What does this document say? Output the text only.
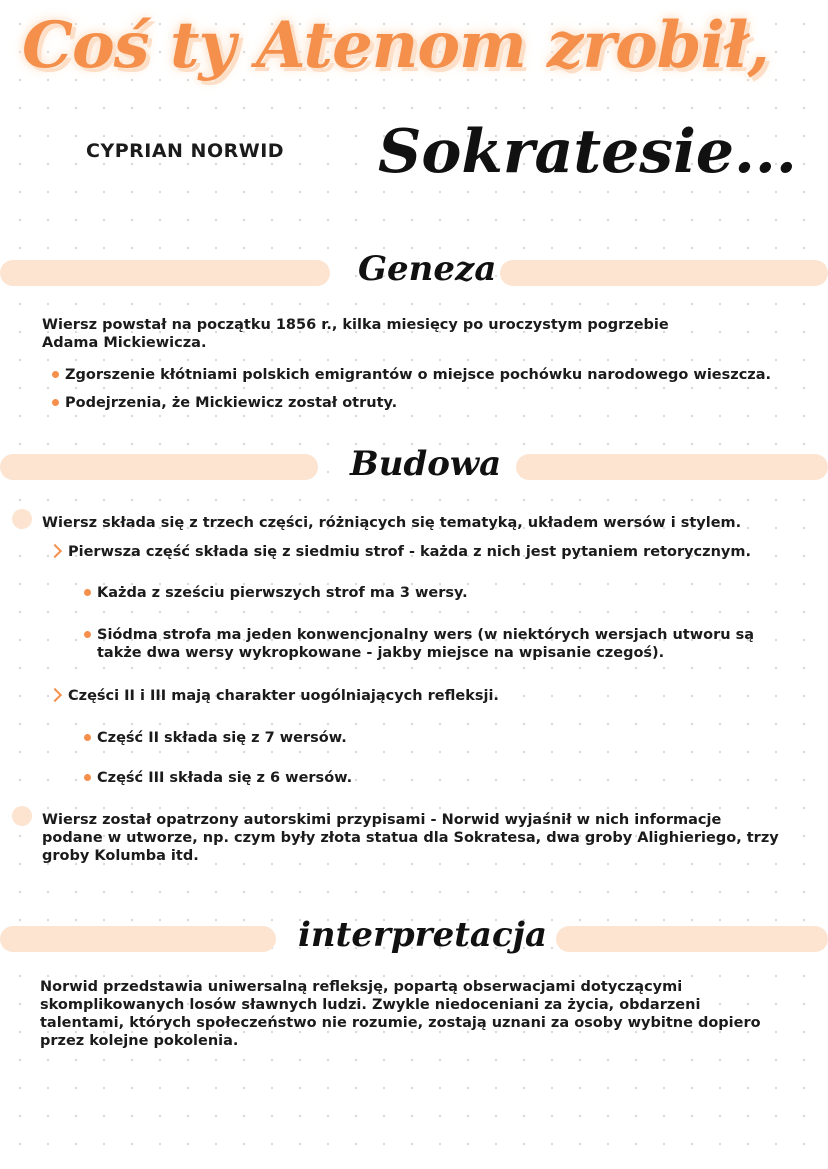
Coś ty Atenom zrobił,
CYPRIAN NORWID Sokratesie...
Geneza
Wiersz powstał na początku 1856 r., kilka miesięcy po uroczystym pogrzebie Adama Mickiewicza.
Zgorszenie kłótniami polskich emigrantów o miejsce pochówku narodowego wieszcza.
Podejrzenia, że Mickiewicz został otruty.
Budowa
Wiersz składa się z trzech części, różniących się tematyką, układem wersów i stylem.
Pierwsza część składa się z siedmiu strof - każda z nich jest pytaniem retorycznym.
Każda z sześciu pierwszych strof ma 3 wersy.
Siódma strofa ma jeden konwencjonalny wers (w niektórych wersjach utworu są także dwa wersy wykropkowane - jakby miejsce na wpisanie czegoś).
Części II i III mają charakter uogólniających refleksji.
Część II składa się z 7 wersów.
Część III składa się z 6 wersów.
Wiersz został opatrzony autorskimi przypisami - Norwid wyjaśnił w nich informacje podane w utworze, np. czym były złota statua dla Sokratesa, dwa groby Alighieriego, trzy groby Kolumba itd.
interpretacja
Norwid przedstawia uniwersalną refleksję, popartą obserwacjami dotyczącymi skomplikowanych losów sławnych ludzi. Zwykle niedoceniani za życia, obdarzeni talentami, których społeczeństwo nie rozumie, zostają uznani za osoby wybitne dopiero przez kolejne pokolenia.
